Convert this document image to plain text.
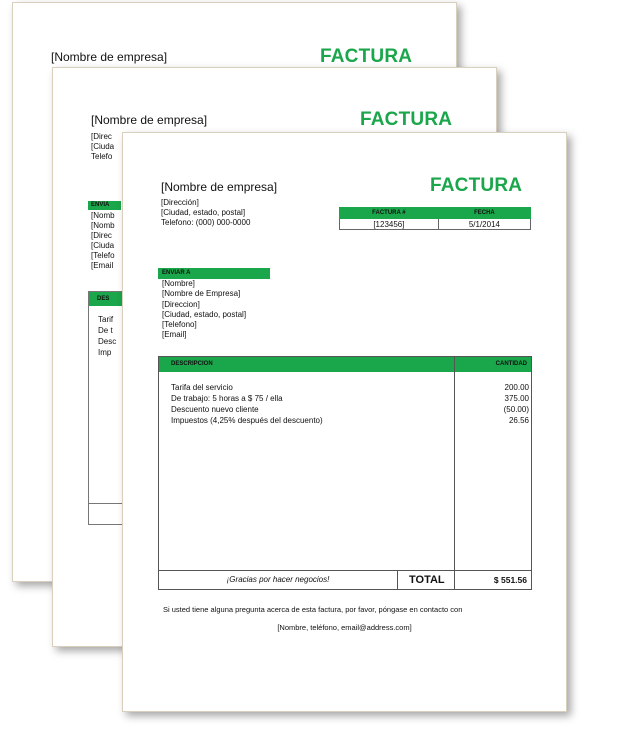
[Nombre de empresa]	FACTURA
[Nombre de empresa]	FACTURA
[Direc
[Ciuda
Telefo
ENVIA
[Nomb
[Nomb
[Direc
[Ciuda
[Telefo
[Email
DES
Tarif
De t
Desc
Imp
[Nombre de empresa]	FACTURA
[Dirección]
[Ciudad, estado, postal]
Telefono: (000) 000-0000
FACTURA #	FECHA
[123456]	5/1/2014
ENVIAR A
[Nombre]
[Nombre de Empresa]
[Direccion]
[Ciudad, estado, postal]
[Telefono]
[Email]
DESCRIPCION	CANTIDAD
Tarifa del servicio	200.00
De trabajo: 5 horas a $ 75 / ella	375.00
Descuento nuevo cliente	(50.00)
Impuestos (4,25% después del descuento)	26.56
¡Gracias por hacer negocios!	TOTAL	$ 551.56
Si usted tiene alguna pregunta acerca de esta factura, por favor, póngase en contacto con
[Nombre, teléfono, email@address.com]
